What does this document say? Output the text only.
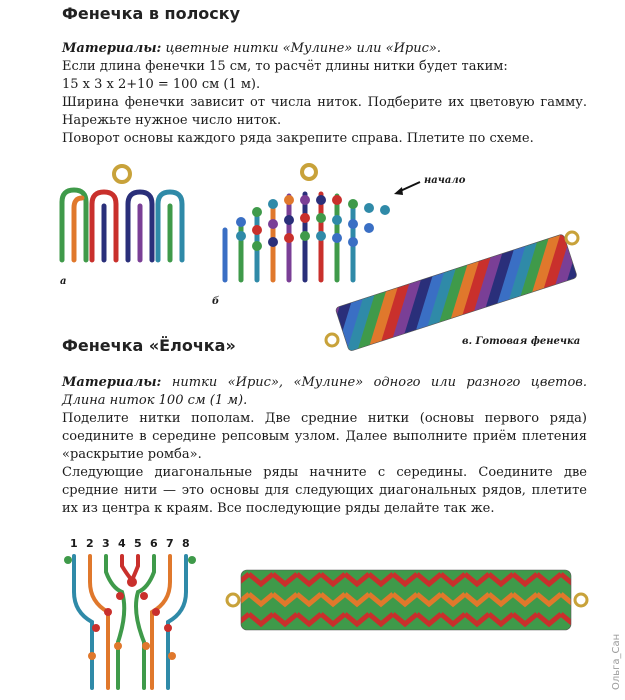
Фенечка в полоску

Материалы: цветные нитки «Мулине» или «Ирис».

Если длина фенечки 15 см, то расчёт длины нитки будет таким:

15 х 3 х 2+10 = 100 см (1 м).

Ширина фенечки зависит от числа ниток. Подберите их цветовую гамму. Нарежьте нужное число ниток.

Поворот основы каждого ряда закрепите справа. Плетите по схеме.

а
б
начало
в. Готовая фенечка
Фенечка «Ёлочка»

Материалы: нитки «Ирис», «Мулине» одного или разного цветов. Длина ниток 100 см (1 м).

Поделите нитки пополам. Две средние нитки (основы первого ряда) соедините в середине репсовым узлом. Далее выполните приём плетения «раскрытие ромба».

Следующие диагональные ряды начните с середины. Соедините две средние нити — это основы для следующих диагональных рядов, плетите их из центра к краям. Все последующие ряды делайте так же.

1 2 3 4 5 6 7 8
Ольга_Сан
